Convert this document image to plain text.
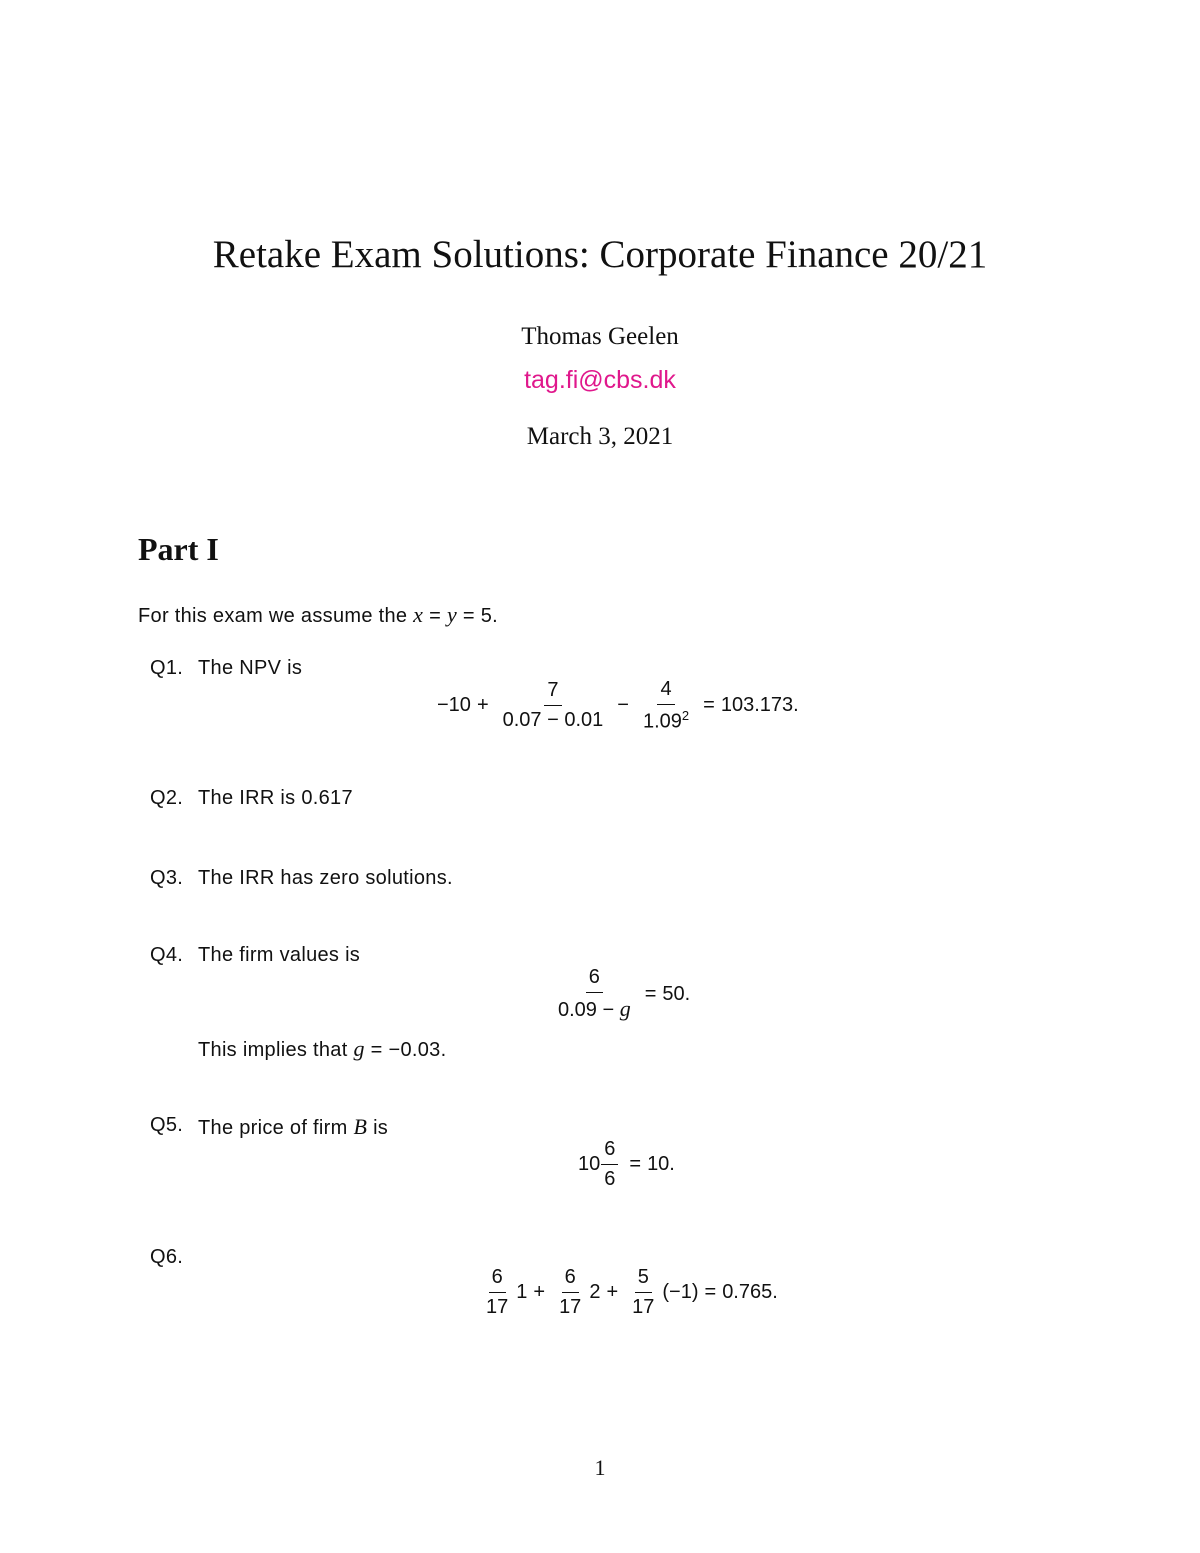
Retake Exam Solutions: Corporate Finance 20/21
Thomas Geelen
tag.fi@cbs.dk
March 3, 2021
Part I
For this exam we assume the x = y = 5.
Q1. The NPV is
$-10 + \frac{7}{0.07 - 0.01} - \frac{4}{1.09^2} = 103.173$.
Q2. The IRR is 0.617
Q3. The IRR has zero solutions.
Q4. The firm values is
$\frac{6}{0.09 - g} = 50$.
This implies that g = −0.03.
Q5. The price of firm B is
$10 \frac{6}{6} = 10$.
Q6.
$\frac{6}{17} 1 + \frac{6}{17} 2 + \frac{5}{17} (-1) = 0.765$.
1
